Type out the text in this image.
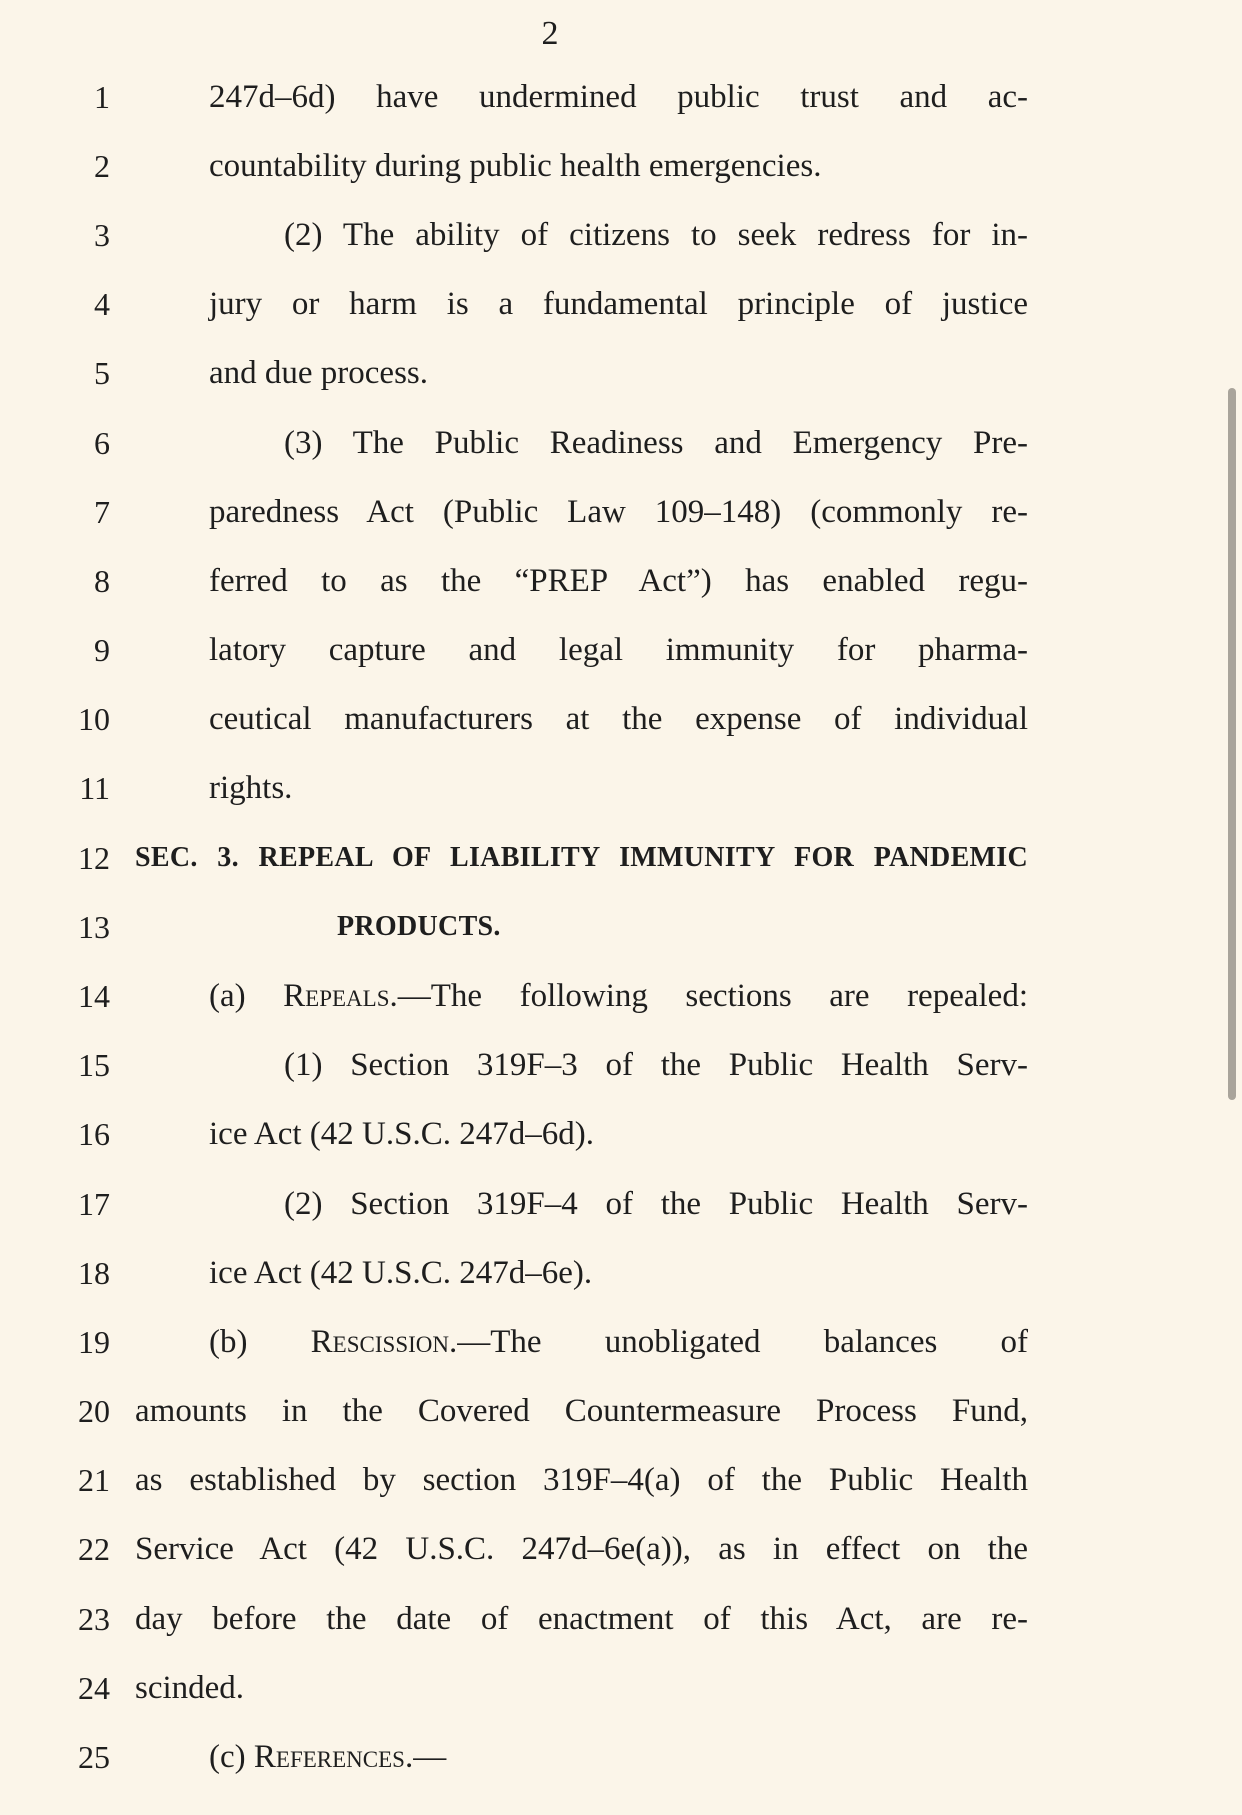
2
1	247d–6d) have undermined public trust and ac-
2	countability during public health emergencies.
3	(2) The ability of citizens to seek redress for in-
4	jury or harm is a fundamental principle of justice
5	and due process.
6	(3) The Public Readiness and Emergency Pre-
7	paredness Act (Public Law 109–148) (commonly re-
8	ferred to as the “PREP Act”) has enabled regu-
9	latory capture and legal immunity for pharma-
10	ceutical manufacturers at the expense of individual
11	rights.
12 SEC. 3. REPEAL OF LIABILITY IMMUNITY FOR PANDEMIC
13	PRODUCTS.
14	(a) Repeals.—The following sections are repealed:
15	(1) Section 319F–3 of the Public Health Serv-
16	ice Act (42 U.S.C. 247d–6d).
17	(2) Section 319F–4 of the Public Health Serv-
18	ice Act (42 U.S.C. 247d–6e).
19	(b) Rescission.—The unobligated balances of
20 amounts in the Covered Countermeasure Process Fund,
21 as established by section 319F–4(a) of the Public Health
22 Service Act (42 U.S.C. 247d–6e(a)), as in effect on the
23 day before the date of enactment of this Act, are re-
24 scinded.
25	(c) References.—
